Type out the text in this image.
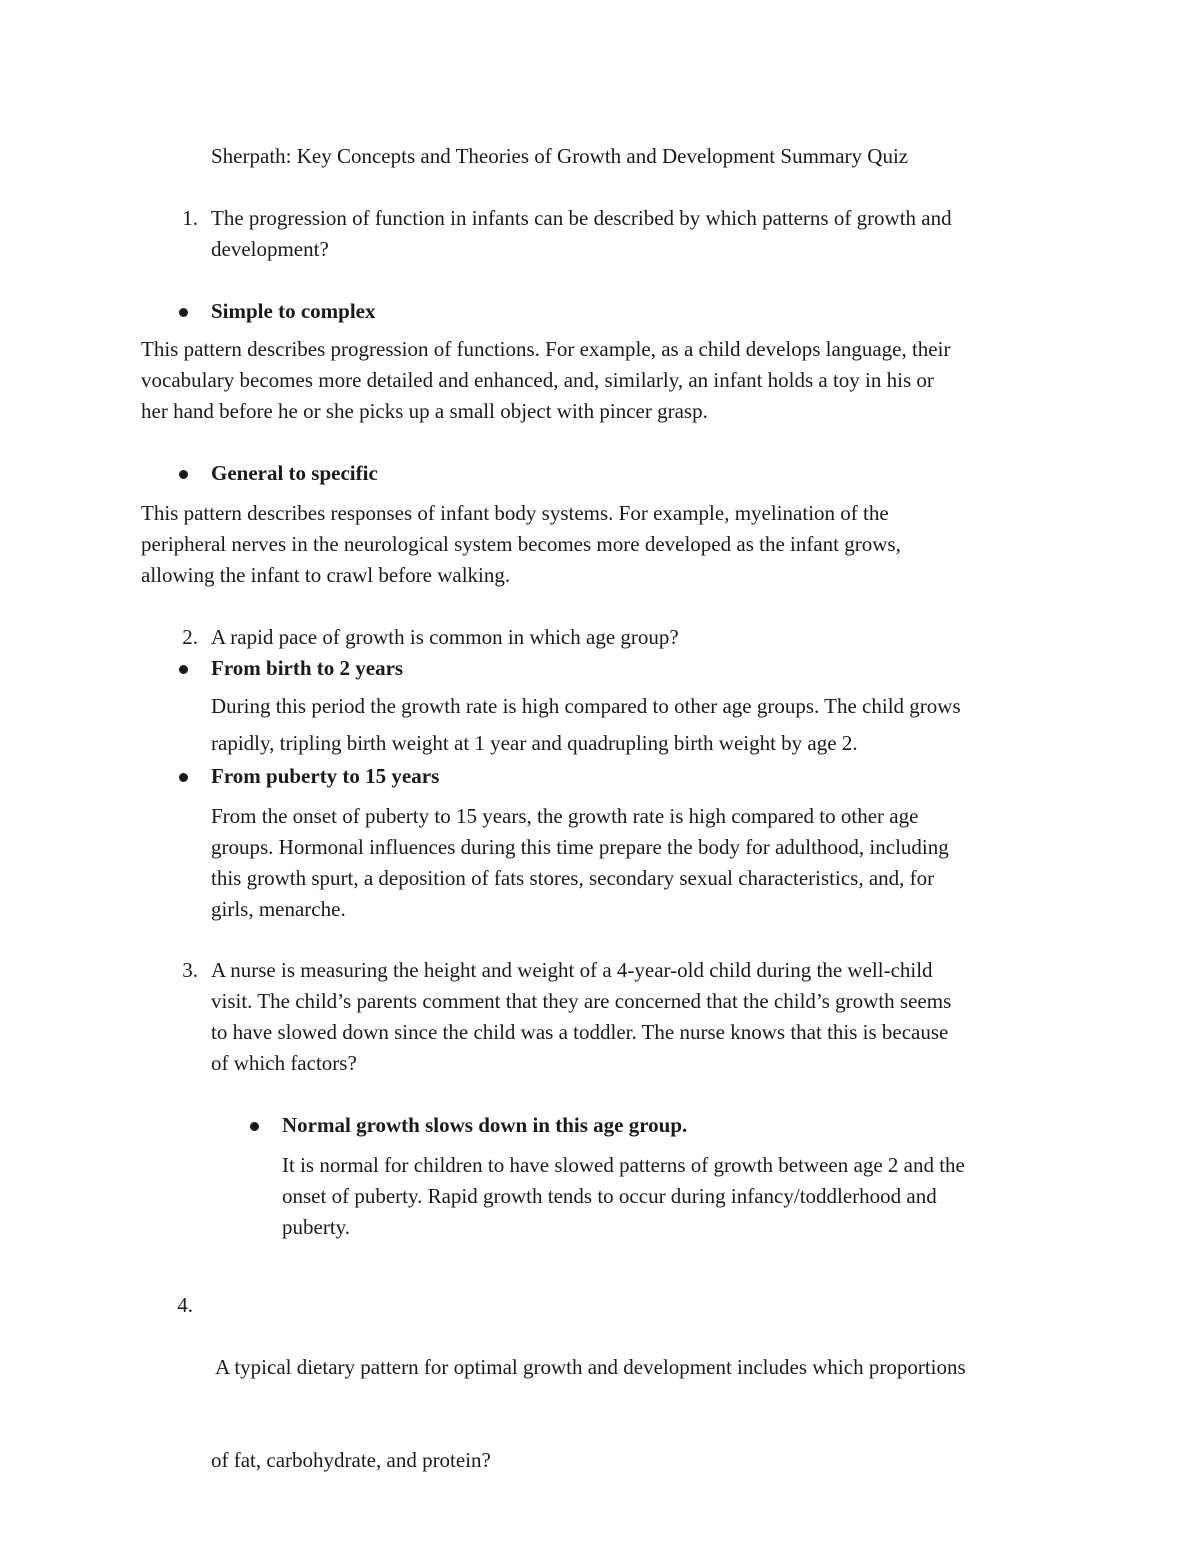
Sherpath: Key Concepts and Theories of Growth and Development Summary Quiz
1. The progression of function in infants can be described by which patterns of growth and
development?
Simple to complex
This pattern describes progression of functions. For example, as a child develops language, their
vocabulary becomes more detailed and enhanced, and, similarly, an infant holds a toy in his or
her hand before he or she picks up a small object with pincer grasp.
General to specific
This pattern describes responses of infant body systems. For example, myelination of the
peripheral nerves in the neurological system becomes more developed as the infant grows,
allowing the infant to crawl before walking.
2. A rapid pace of growth is common in which age group?
From birth to 2 years
During this period the growth rate is high compared to other age groups. The child grows
rapidly, tripling birth weight at 1 year and quadrupling birth weight by age 2.
From puberty to 15 years
From the onset of puberty to 15 years, the growth rate is high compared to other age
groups. Hormonal influences during this time prepare the body for adulthood, including
this growth spurt, a deposition of fats stores, secondary sexual characteristics, and, for
girls, menarche.
3. A nurse is measuring the height and weight of a 4-year-old child during the well-child
visit. The child’s parents comment that they are concerned that the child’s growth seems
to have slowed down since the child was a toddler. The nurse knows that this is because
of which factors?
Normal growth slows down in this age group.
It is normal for children to have slowed patterns of growth between age 2 and the
onset of puberty. Rapid growth tends to occur during infancy/toddlerhood and
puberty.
4.

A typical dietary pattern for optimal growth and development includes which proportions

of fat, carbohydrate, and protein?
